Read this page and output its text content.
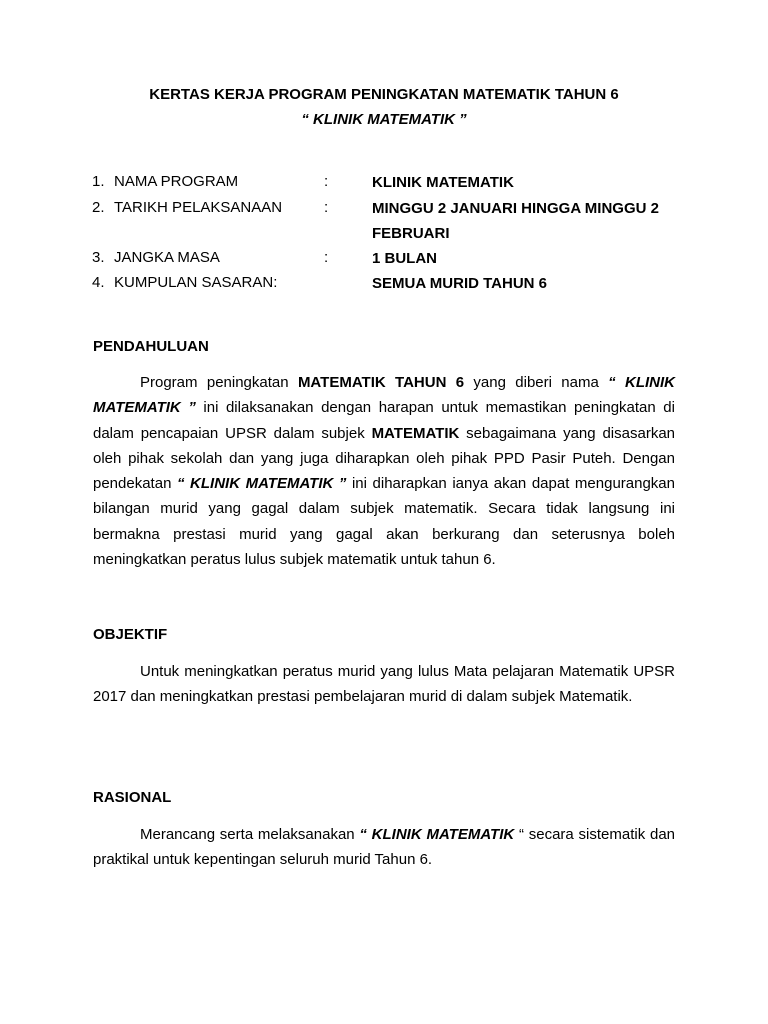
KERTAS KERJA PROGRAM PENINGKATAN MATEMATIK TAHUN 6
“ KLINIK MATEMATIK ”
1. NAMA PROGRAM	:	KLINIK MATEMATIK
2. TARIKH PELAKSANAAN	:	MINGGU 2 JANUARI HINGGA MINGGU 2 FEBRUARI
3. JANGKA MASA	:	1 BULAN
4. KUMPULAN SASARAN:	SEMUA MURID TAHUN 6
PENDAHULUAN

Program peningkatan MATEMATIK TAHUN 6 yang diberi nama “ KLINIK MATEMATIK ” ini dilaksanakan dengan harapan untuk memastikan peningkatan di dalam pencapaian UPSR dalam subjek MATEMATIK sebagaimana yang disasarkan oleh pihak sekolah dan yang juga diharapkan oleh pihak PPD Pasir Puteh. Dengan pendekatan “ KLINIK MATEMATIK ” ini diharapkan ianya akan dapat mengurangkan bilangan murid yang gagal dalam subjek matematik. Secara tidak langsung ini bermakna prestasi murid yang gagal akan berkurang dan seterusnya boleh meningkatkan peratus lulus subjek matematik untuk tahun 6.

OBJEKTIF

Untuk meningkatkan peratus murid yang lulus Mata pelajaran Matematik UPSR 2017 dan meningkatkan prestasi pembelajaran murid di dalam subjek Matematik.

RASIONAL

Merancang serta melaksanakan “ KLINIK MATEMATIK “ secara sistematik dan praktikal untuk kepentingan seluruh murid Tahun 6.
